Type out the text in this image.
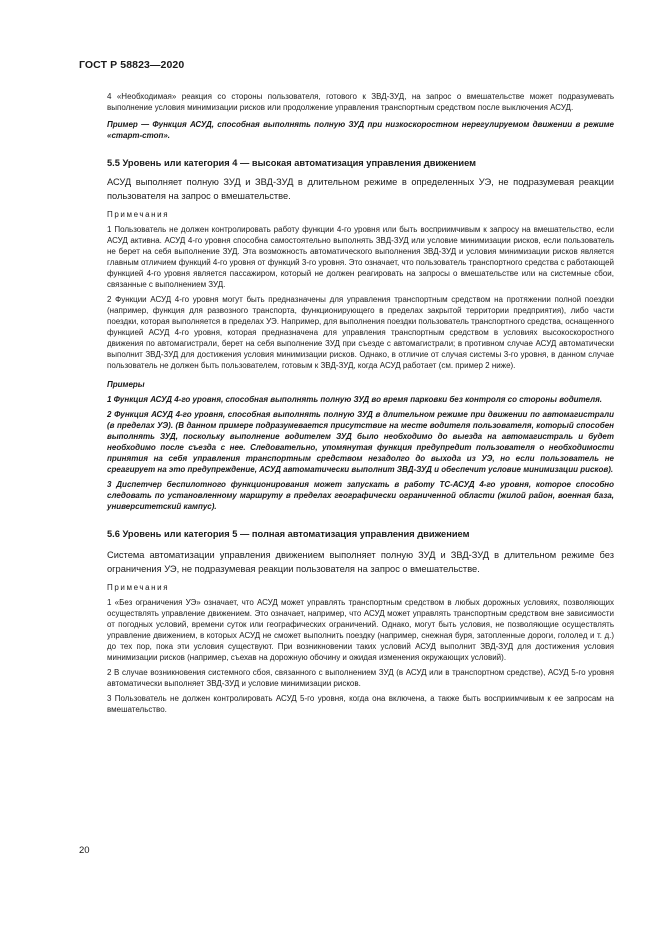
ГОСТ Р 58823—2020

4 «Необходимая» реакция со стороны пользователя, готового к ЗВД-ЗУД, на запрос о вмешательстве может подразумевать выполнение условия минимизации рисков или продолжение управления транспортным средством после выключения АСУД.

Пример — Функция АСУД, способная выполнять полную ЗУД при низкоскоростном нерегулируемом движении в режиме «старт-стоп».

5.5 Уровень или категория 4 — высокая автоматизация управления движением

АСУД выполняет полную ЗУД и ЗВД-ЗУД в длительном режиме в определенных УЭ, не подразумевая реакции пользователя на запрос о вмешательстве.

Примечания

1 Пользователь не должен контролировать работу функции 4-го уровня или быть восприимчивым к запросу на вмешательство, если АСУД активна. АСУД 4-го уровня способна самостоятельно выполнять ЗВД-ЗУД или условие минимизации рисков, если пользователь не берет на себя выполнение ЗУД. Эта возможность автоматического выполнения ЗВД-ЗУД и условия минимизации рисков является главным отличием функций 4-го уровня от функций 3-го уровня. Это означает, что пользователь транспортного средства с работающей функцией 4-го уровня является пассажиром, который не должен реагировать на запросы о вмешательстве или на системные сбои, связанные с выполнением ЗУД.

2 Функции АСУД 4-го уровня могут быть предназначены для управления транспортным средством на протяжении полной поездки (например, функция для развозного транспорта, функционирующего в пределах закрытой территории предприятия), либо части поездки, которая выполняется в пределах УЭ. Например, для выполнения поездки пользователь транспортного средства, оснащенного функцией АСУД 4-го уровня, которая предназначена для управления транспортным средством в условиях высокоскоростного движения по автомагистрали, берет на себя выполнение ЗУД при съезде с автомагистрали; в противном случае АСУД автоматически выполнит ЗВД-ЗУД для достижения условия минимизации рисков. Однако, в отличие от случая системы 3-го уровня, в данном случае пользователь не должен быть пользователем, готовым к ЗВД-ЗУД, когда АСУД работает (см. пример 2 ниже).

Примеры

1 Функция АСУД 4-го уровня, способная выполнять полную ЗУД во время парковки без контроля со стороны водителя.

2 Функция АСУД 4-го уровня, способная выполнять полную ЗУД в длительном режиме при движении по автомагистрали (в пределах УЭ). (В данном примере подразумевается присутствие на месте водителя пользователя, который способен выполнять ЗУД, поскольку выполнение водителем ЗУД было необходимо до выезда на автомагистраль и будет необходимо после съезда с нее. Следовательно, упомянутая функция предупредит пользователя о необходимости принятия на себя управления транспортным средством незадолго до выхода из УЭ, но если пользователь не среагирует на это предупреждение, АСУД автоматически выполнит ЗВД-ЗУД и обеспечит условие минимизации рисков).

3 Диспетчер беспилотного функционирования может запускать в работу ТС-АСУД 4-го уровня, которое способно следовать по установленному маршруту в пределах географически ограниченной области (жилой район, военная база, университетский кампус).

5.6 Уровень или категория 5 — полная автоматизация управления движением

Система автоматизации управления движением выполняет полную ЗУД и ЗВД-ЗУД в длительном режиме без ограничения УЭ, не подразумевая реакции пользователя на запрос о вмешательстве.

Примечания

1 «Без ограничения УЭ» означает, что АСУД может управлять транспортным средством в любых дорожных условиях, позволяющих осуществлять управление движением. Это означает, например, что АСУД может управлять транспортным средством вне зависимости от погодных условий, времени суток или географических ограничений. Однако, могут быть условия, не позволяющие осуществлять управление движением, в которых АСУД не сможет выполнить поездку (например, снежная буря, затопленные дороги, гололед и т. д.) до тех пор, пока эти условия существуют. При возникновении таких условий АСУД выполнит ЗВД-ЗУД для достижения условия минимизации рисков (например, съехав на дорожную обочину и ожидая изменения окружающих условий).

2 В случае возникновения системного сбоя, связанного с выполнением ЗУД (в АСУД или в транспортном средстве), АСУД 5-го уровня автоматически выполняет ЗВД-ЗУД и условие минимизации рисков.

3 Пользователь не должен контролировать АСУД 5-го уровня, когда она включена, а также быть восприимчивым к ее запросам на вмешательство.

20
